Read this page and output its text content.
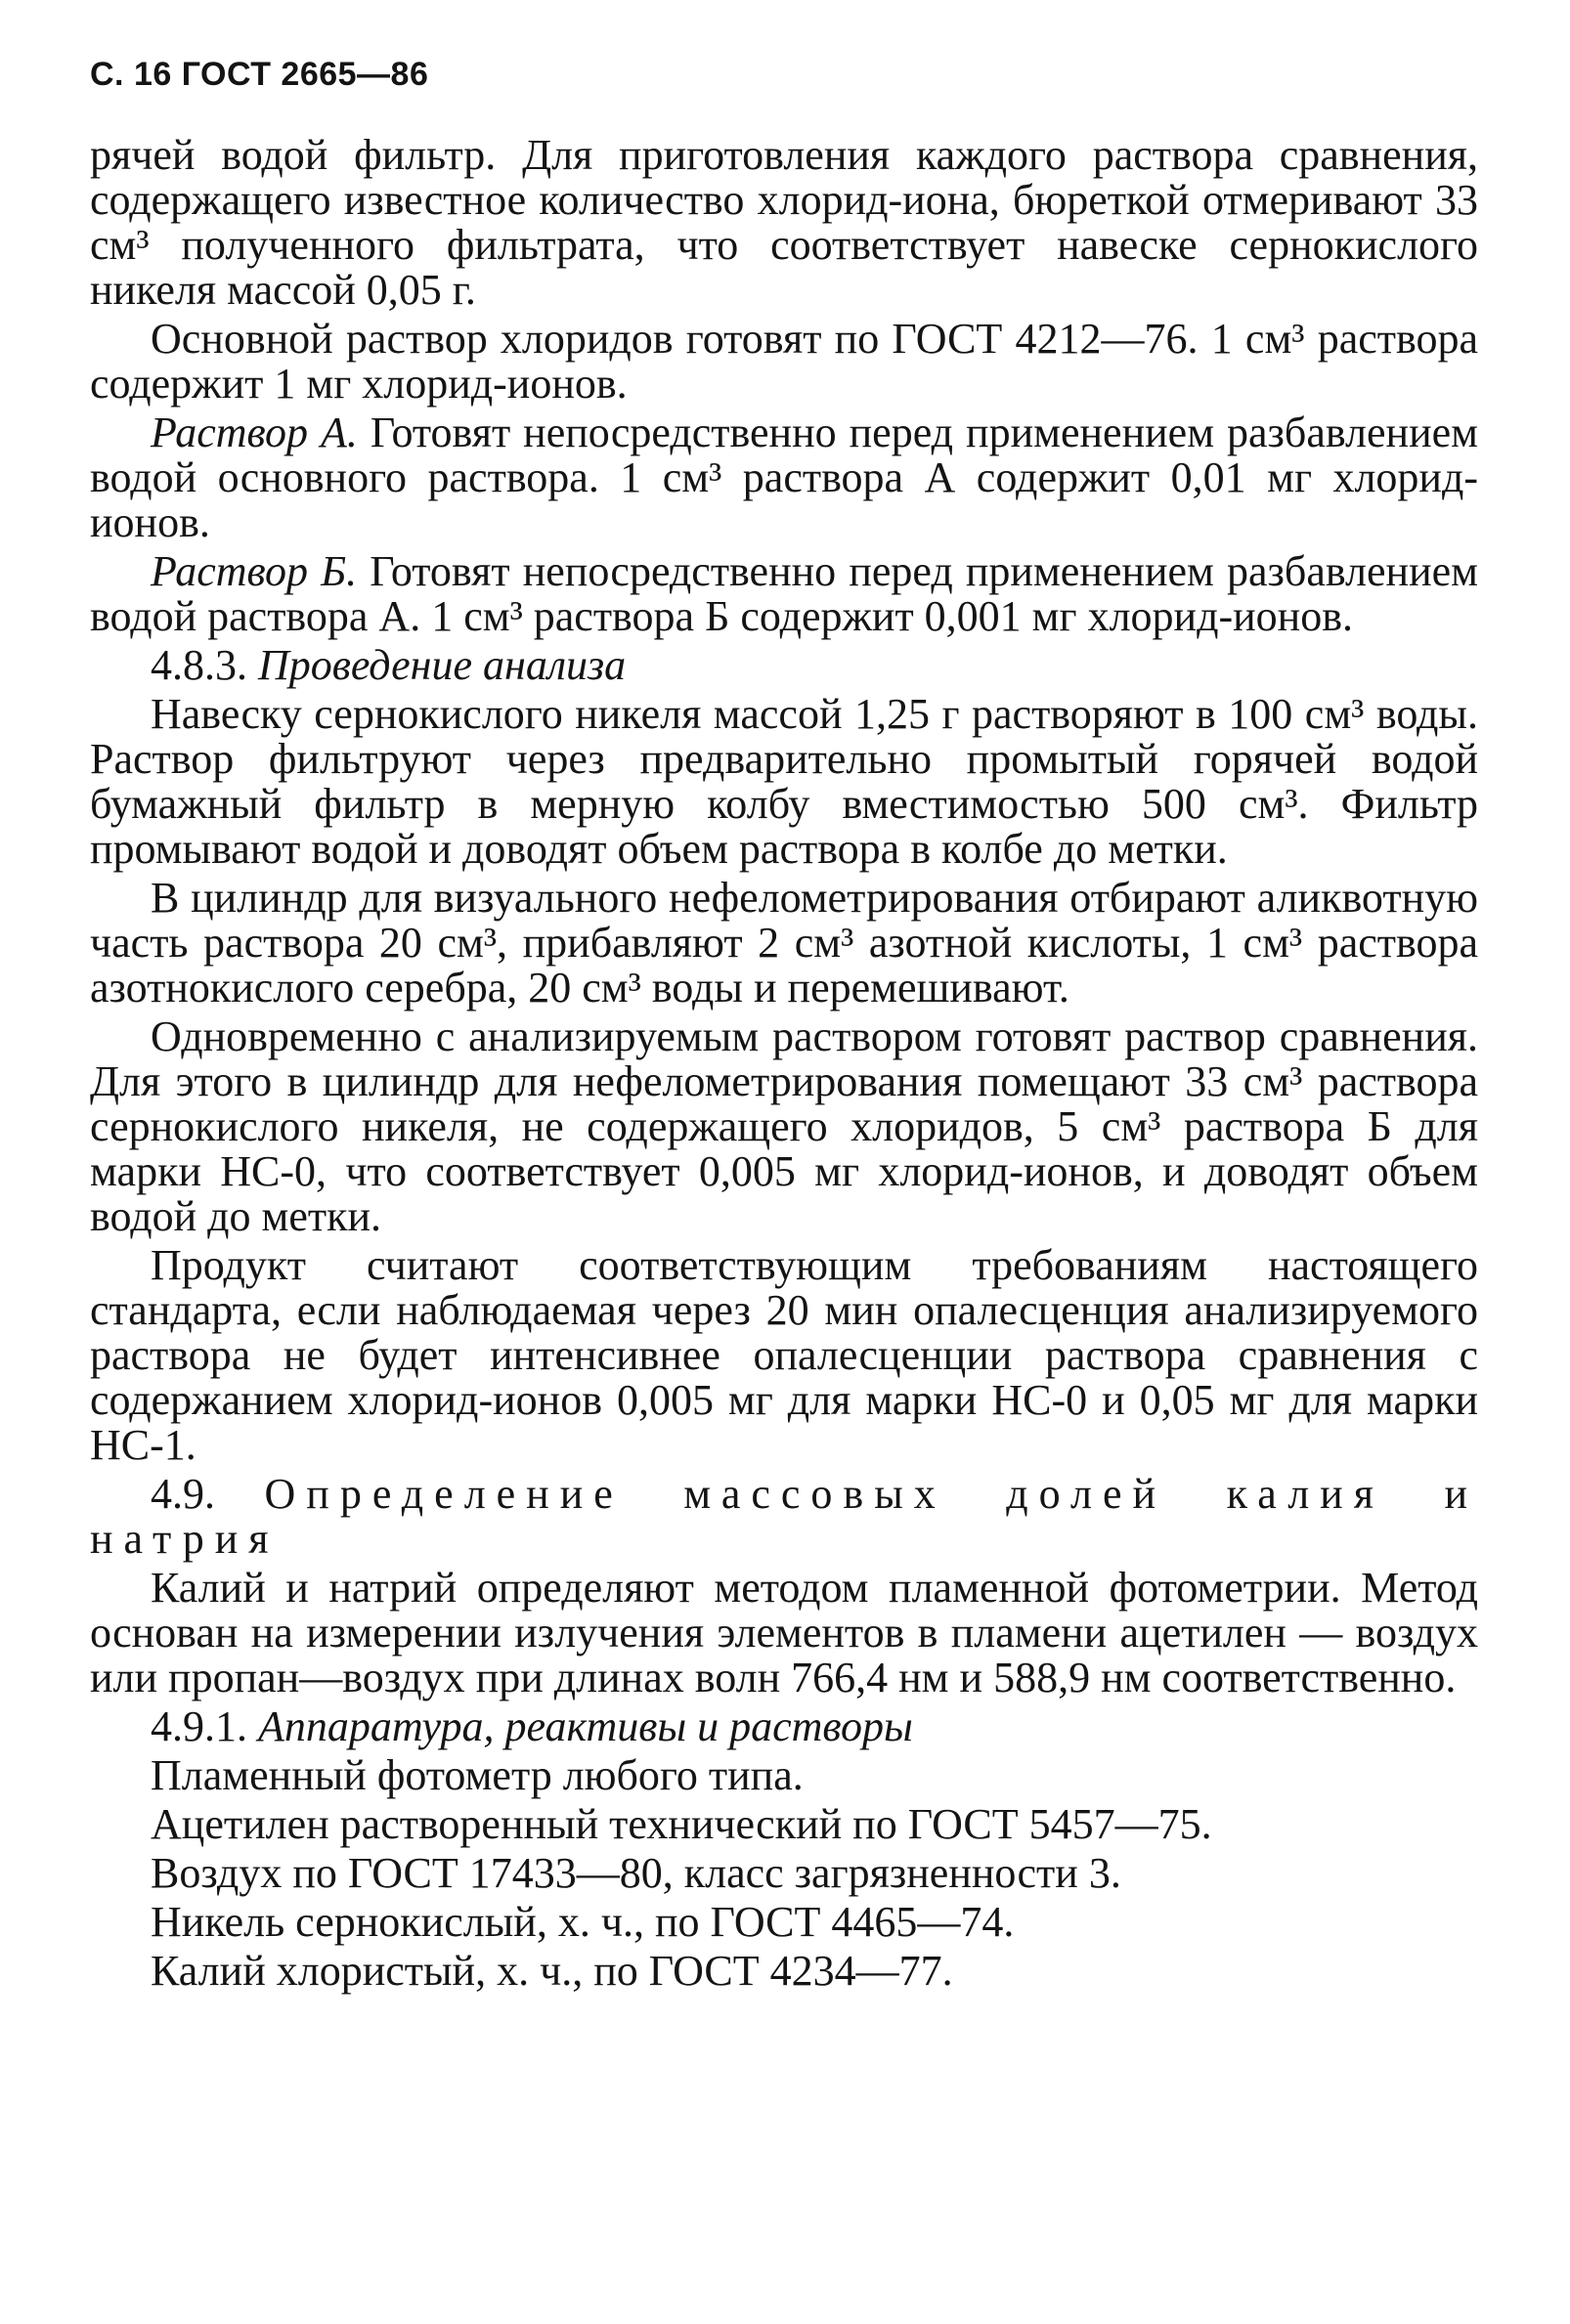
С. 16 ГОСТ 2665—86

рячей водой фильтр. Для приготовления каждого раствора сравнения, содержащего известное количество хлорид-иона, бюреткой отмеривают 33 см³ полученного фильтрата, что соответствует навеске сернокислого никеля массой 0,05 г.

Основной раствор хлоридов готовят по ГОСТ 4212—76. 1 см³ раствора содержит 1 мг хлорид-ионов.

Раствор А. Готовят непосредственно перед применением разбавлением водой основного раствора. 1 см³ раствора А содержит 0,01 мг хлорид-ионов.

Раствор Б. Готовят непосредственно перед применением разбавлением водой раствора А. 1 см³ раствора Б содержит 0,001 мг хлорид-ионов.

4.8.3. Проведение анализа

Навеску сернокислого никеля массой 1,25 г растворяют в 100 см³ воды. Раствор фильтруют через предварительно промытый горячей водой бумажный фильтр в мерную колбу вместимостью 500 см³. Фильтр промывают водой и доводят объем раствора в колбе до метки.

В цилиндр для визуального нефелометрирования отбирают аликвотную часть раствора 20 см³, прибавляют 2 см³ азотной кислоты, 1 см³ раствора азотнокислого серебра, 20 см³ воды и перемешивают.

Одновременно с анализируемым раствором готовят раствор сравнения. Для этого в цилиндр для нефелометрирования помещают 33 см³ раствора сернокислого никеля, не содержащего хлоридов, 5 см³ раствора Б для марки НС-0, что соответствует 0,005 мг хлорид-ионов, и доводят объем водой до метки.

Продукт считают соответствующим требованиям настоящего стандарта, если наблюдаемая через 20 мин опалесценция анализируемого раствора не будет интенсивнее опалесценции раствора сравнения с содержанием хлорид-ионов 0,005 мг для марки НС-0 и 0,05 мг для марки НС-1.

4.9. Определение массовых долей калия и натрия

Калий и натрий определяют методом пламенной фотометрии. Метод основан на измерении излучения элементов в пламени ацетилен — воздух или пропан—воздух при длинах волн 766,4 нм и 588,9 нм соответственно.

4.9.1. Аппаратура, реактивы и растворы

Пламенный фотометр любого типа.

Ацетилен растворенный технический по ГОСТ 5457—75.

Воздух по ГОСТ 17433—80, класс загрязненности 3.

Никель сернокислый, х. ч., по ГОСТ 4465—74.

Калий хлористый, х. ч., по ГОСТ 4234—77.
